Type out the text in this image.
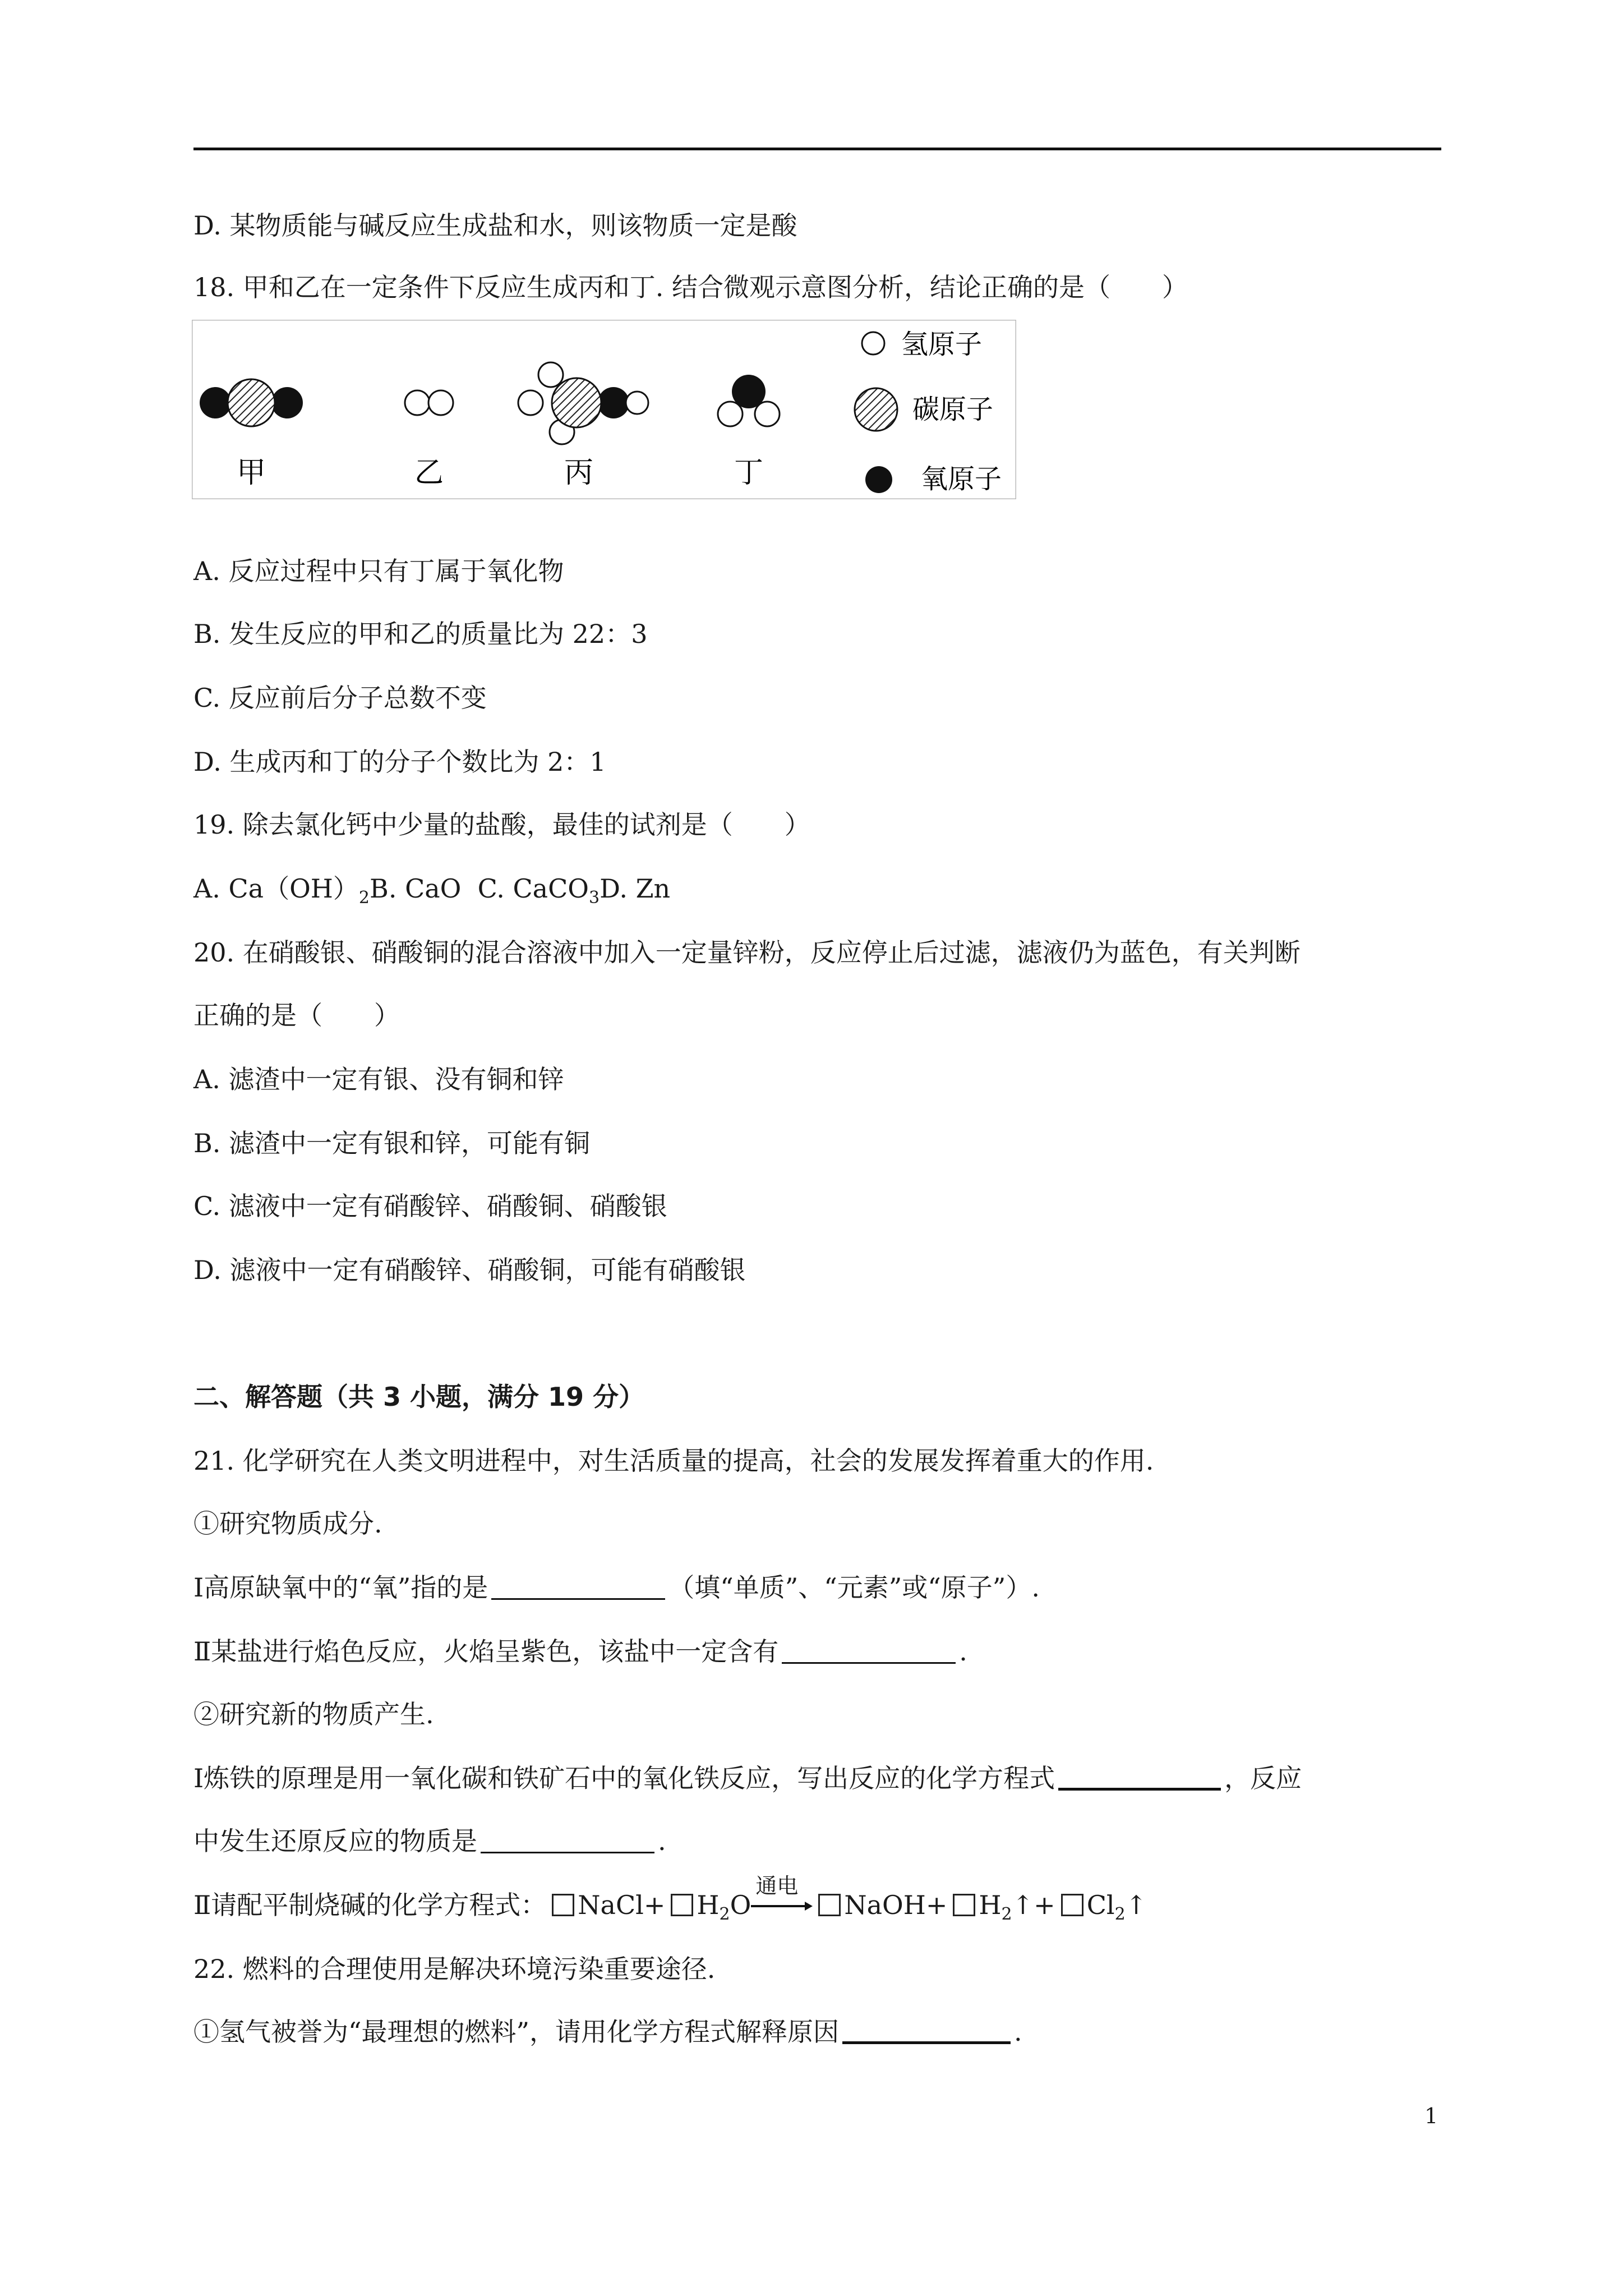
D. 某物质能与碱反应生成盐和水，则该物质一定是酸
18. 甲和乙在一定条件下反应生成丙和丁. 结合微观示意图分析，结论正确的是（　　）
甲	乙	丙	丁
氢原子
碳原子
氧原子
A. 反应过程中只有丁属于氧化物
B. 发生反应的甲和乙的质量比为 22：3
C. 反应前后分子总数不变
D. 生成丙和丁的分子个数比为 2：1
19. 除去氯化钙中少量的盐酸，最佳的试剂是（　　）
A. $Ca(OH)_2B$. CaO C. CaCO$_3$D. Zn
20. 在硝酸银、硝酸铜的混合溶液中加入一定量锌粉，反应停止后过滤，滤液仍为蓝色，有关判断
正确的是（　　）
A. 滤渣中一定有银、没有铜和锌
B. 滤渣中一定有银和锌，可能有铜
C. 滤液中一定有硝酸锌、硝酸铜、硝酸银
D. 滤液中一定有硝酸锌、硝酸铜，可能有硝酸银
二、解答题（共 3 小题，满分 19 分）
21. 化学研究在人类文明进程中，对生活质量的提高，社会的发展发挥着重大的作用.
①研究物质成分.
Ⅰ高原缺氧中的“氧”指的是	（填“单质”、“元素”或“原子”）.
Ⅱ某盐进行焰色反应，火焰呈紫色，该盐中一定含有	.
②研究新的物质产生.
Ⅰ炼铁的原理是用一氧化碳和铁矿石中的氧化铁反应，写出反应的化学方程式	，反应
中发生还原反应的物质是	.
Ⅱ请配平制烧碱的化学方程式： NaCl+ $H_2O$
通电
NaOH+ $H_2↑+$ $Cl_2↑$
22. 燃料的合理使用是解决环境污染重要途径.
①氢气被誉为“最理想的燃料”，请用化学方程式解释原因	.
1
